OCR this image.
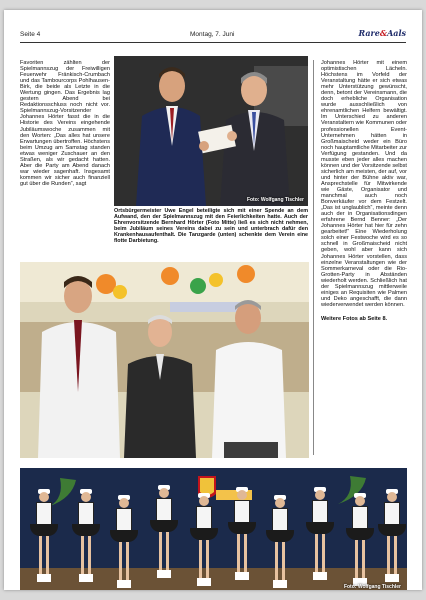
Seite 4	Montag, 7. Juni	Rare&Aals
Favoriten zählten der Spielmannszug der Freiwilligen Feuerwehr Fränkisch-Crumbach und das Tambourcorps Pohlhausen-Birk, die beide als Letzte in die Wertung gingen. Das Ergebnis lag gestern Abend bei Redaktionsschluss noch nicht vor. Spielmannszug-Vorsitzender Johannes Hörter fasst die in die Historie des Vereins eingehende Jubiläumswoche zusammen mit den Worten: „Das alles hat unsere Erwartungen übertroffen. Höchstens beim Umzug am Samstag standen etwas weniger Zuschauer an den Straßen, als wir gedacht hatten. Aber die Party am Abend danach war wieder sagenhaft. Insgesamt kommen wir sicher auch finanziell gut über die Runden“, sagt
Foto: Wolfgang Tischler
Ortsbürgermeister Uwe Engel beteiligte sich mit einer Spende an dem Aufwand, den der Spielmannszug mit den Feierlichkeiten hatte. Auch der Ehrenvorsitzende Bernhard Hörter (Foto Mitte) ließ es sich nicht nehmen, beim Jubiläum seines Vereins dabei zu sein und unterbrach dafür den Krankenhausaufenthalt. Die Tanzgarde (unten) schenkte dem Verein eine flotte Darbietung.
Johannes Hörter mit einem optimistischen Lächeln. Höchstens im Vorfeld der Veranstaltung hätte er sich etwas mehr Unterstützung gewünscht, denn, betont der Vereinsmann, die doch erhebliche Organisation wurde ausschließlich von ehrenamtlichen Helfern bewältigt. Im Unterschied zu anderen Veranstaltern wie Kommunen oder professionellen Event-Unternehmen hätten in Großmaischeid weder ein Büro noch hauptamtliche Mitarbeiter zur Verfügung gestanden. Und da musste eben jeder alles machen können und der Vorsitzende selbst sicherlich am meisten, der auf, vor und hinter der Bühne aktiv war, Ansprechstelle für Mitwirkende wie Gäste, Organisator und manchmal auch noch Bonverkäufer vor dem Festzelt. „Das ist unglaublich“, meinte denn auch der in Organisationsdingen erfahrene Bernd Benner: „Der Johannes Hörter hat hier für zehn gearbeitet!“ Eine Wiederholung solch einer Festwoche wird es so schnell in Großmaischeid nicht geben, wohl aber kann sich Johannes Hörter vorstellen, dass einzelne Veranstaltungen wie der Sommerkarneval oder die Rio-Grotten-Party in Abständen wiederholt werden. Schließlich hat der Spielmannszug mittlerweile einiges an Requisiten wie Palmen und Deko angeschafft, die dann wiederverwendet werden können.
Weitere Fotos ab Seite 8.
Foto: Wolfgang Tischler
